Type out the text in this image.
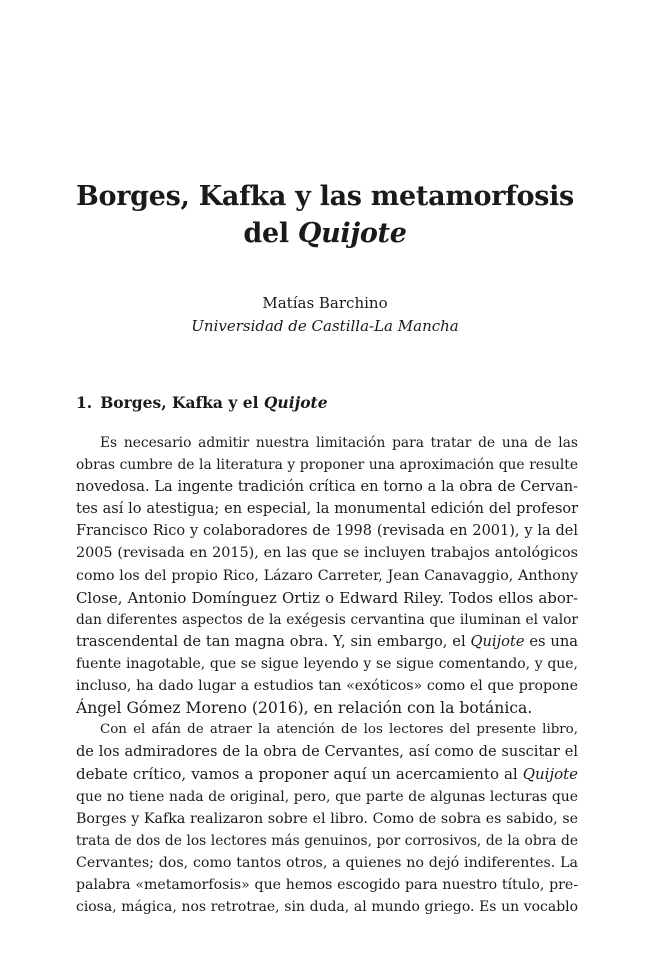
Borges, Kafka y las metamorfosis
del Quijote
Matías Barchino
Universidad de Castilla-La Mancha
1. Borges, Kafka y el Quijote
Es necesario admitir nuestra limitación para tratar de una de las
obras cumbre de la literatura y proponer una aproximación que resulte
novedosa. La ingente tradición crítica en torno a la obra de Cervan-
tes así lo atestigua; en especial, la monumental edición del profesor
Francisco Rico y colaboradores de 1998 (revisada en 2001), y la del
2005 (revisada en 2015), en las que se incluyen trabajos antológicos
como los del propio Rico, Lázaro Carreter, Jean Canavaggio, Anthony
Close, Antonio Domínguez Ortiz o Edward Riley. Todos ellos abor-
dan diferentes aspectos de la exégesis cervantina que iluminan el valor
trascendental de tan magna obra. Y, sin embargo, el Quijote es una
fuente inagotable, que se sigue leyendo y se sigue comentando, y que,
incluso, ha dado lugar a estudios tan «exóticos» como el que propone
Ángel Gómez Moreno (2016), en relación con la botánica.
Con el afán de atraer la atención de los lectores del presente libro,
de los admiradores de la obra de Cervantes, así como de suscitar el
debate crítico, vamos a proponer aquí un acercamiento al Quijote
que no tiene nada de original, pero, que parte de algunas lecturas que
Borges y Kafka realizaron sobre el libro. Como de sobra es sabido, se
trata de dos de los lectores más genuinos, por corrosivos, de la obra de
Cervantes; dos, como tantos otros, a quienes no dejó indiferentes. La
palabra «metamorfosis» que hemos escogido para nuestro título, pre-
ciosa, mágica, nos retrotrae, sin duda, al mundo griego. Es un vocablo
